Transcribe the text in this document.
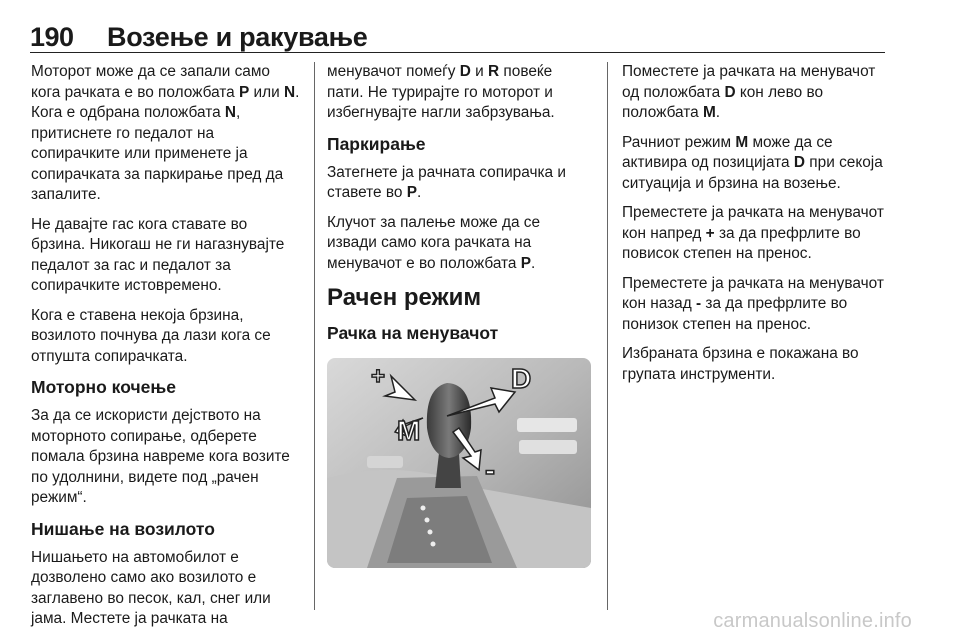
190 Возење и ракување

Моторот може да се запали само кога рачката е во положбата P или N. Кога е одбрана положбата N, притиснете го педалот на сопирачките или применете ја сопирачката за паркирање пред да запалите.

Не давајте гас кога ставате во брзина. Никогаш не ги нагазнувајте педалот за гас и педалот за сопирачките истовремено.

Кога е ставена некоја брзина, возилото почнува да лази кога се отпушта сопирачката.

Моторно кочење

За да се искористи дејството на моторното сопирање, одберете помала брзина навреме кога возите по удолнини, видете под „рачен режим“.

Нишање на возилото

Нишањето на автомобилот е дозволено само ако возилото е заглавено во песок, кал, снег или јама. Местете ја рачката на

менувачот помеѓу D и R повеќе пати. Не турирајте го моторот и избегнувајте нагли забрзувања.

Паркирање

Затегнете ја рачната сопирачка и ставете во P.

Клучот за палење може да се извади само кога рачката на менувачот е во положбата P.

Рачен режим
Рачка на менувачот
+	D
M
-

Поместете ја рачката на менувачот од положбата D кон лево во положбата M.

Рачниот режим M може да се активира од позицијата D при секоја ситуација и брзина на возење.

Преместете ја рачката на менувачот кон напред + за да префрлите во повисок степен на пренос.

Преместете ја рачката на менувачот кон назад - за да префрлите во понизок степен на пренос.

Избраната брзина е покажана во групата инструменти.

carmanualsonline.info
